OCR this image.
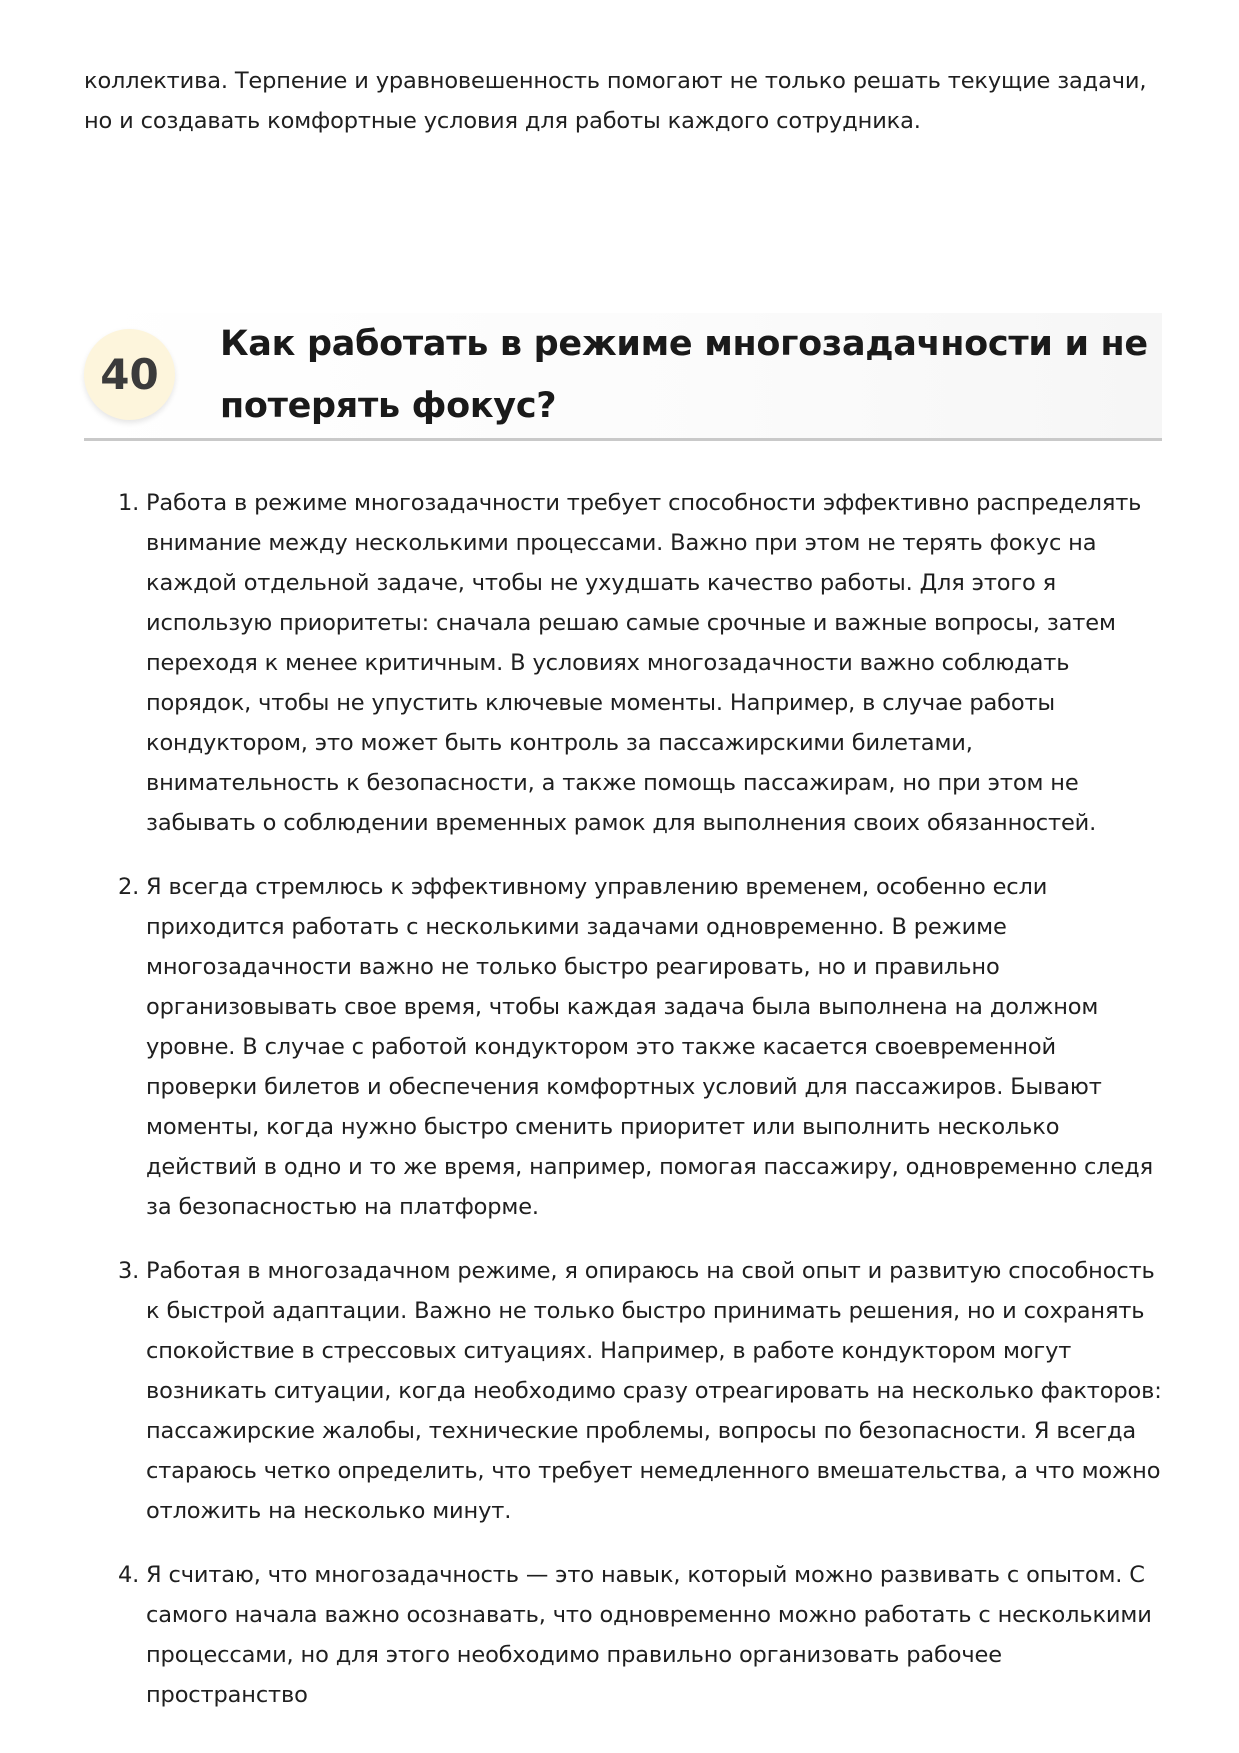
коллектива. Терпение и уравновешенность помогают не только решать текущие задачи, но и создавать комфортные условия для работы каждого сотрудника.

40
Как работать в режиме многозадачности и не потерять фокус?
1. Работа в режиме многозадачности требует способности эффективно распределять внимание между несколькими процессами. Важно при этом не терять фокус на каждой отдельной задаче, чтобы не ухудшать качество работы. Для этого я использую приоритеты: сначала решаю самые срочные и важные вопросы, затем переходя к менее критичным. В условиях многозадачности важно соблюдать порядок, чтобы не упустить ключевые моменты. Например, в случае работы кондуктором, это может быть контроль за пассажирскими билетами, внимательность к безопасности, а также помощь пассажирам, но при этом не забывать о соблюдении временных рамок для выполнения своих обязанностей.
2. Я всегда стремлюсь к эффективному управлению временем, особенно если приходится работать с несколькими задачами одновременно. В режиме многозадачности важно не только быстро реагировать, но и правильно организовывать свое время, чтобы каждая задача была выполнена на должном уровне. В случае с работой кондуктором это также касается своевременной проверки билетов и обеспечения комфортных условий для пассажиров. Бывают моменты, когда нужно быстро сменить приоритет или выполнить несколько действий в одно и то же время, например, помогая пассажиру, одновременно следя за безопасностью на платформе.
3. Работая в многозадачном режиме, я опираюсь на свой опыт и развитую способность к быстрой адаптации. Важно не только быстро принимать решения, но и сохранять спокойствие в стрессовых ситуациях. Например, в работе кондуктором могут возникать ситуации, когда необходимо сразу отреагировать на несколько факторов: пассажирские жалобы, технические проблемы, вопросы по безопасности. Я всегда стараюсь четко определить, что требует немедленного вмешательства, а что можно отложить на несколько минут.
4. Я считаю, что многозадачность — это навык, который можно развивать с опытом. С самого начала важно осознавать, что одновременно можно работать с несколькими процессами, но для этого необходимо правильно организовать рабочее пространство
